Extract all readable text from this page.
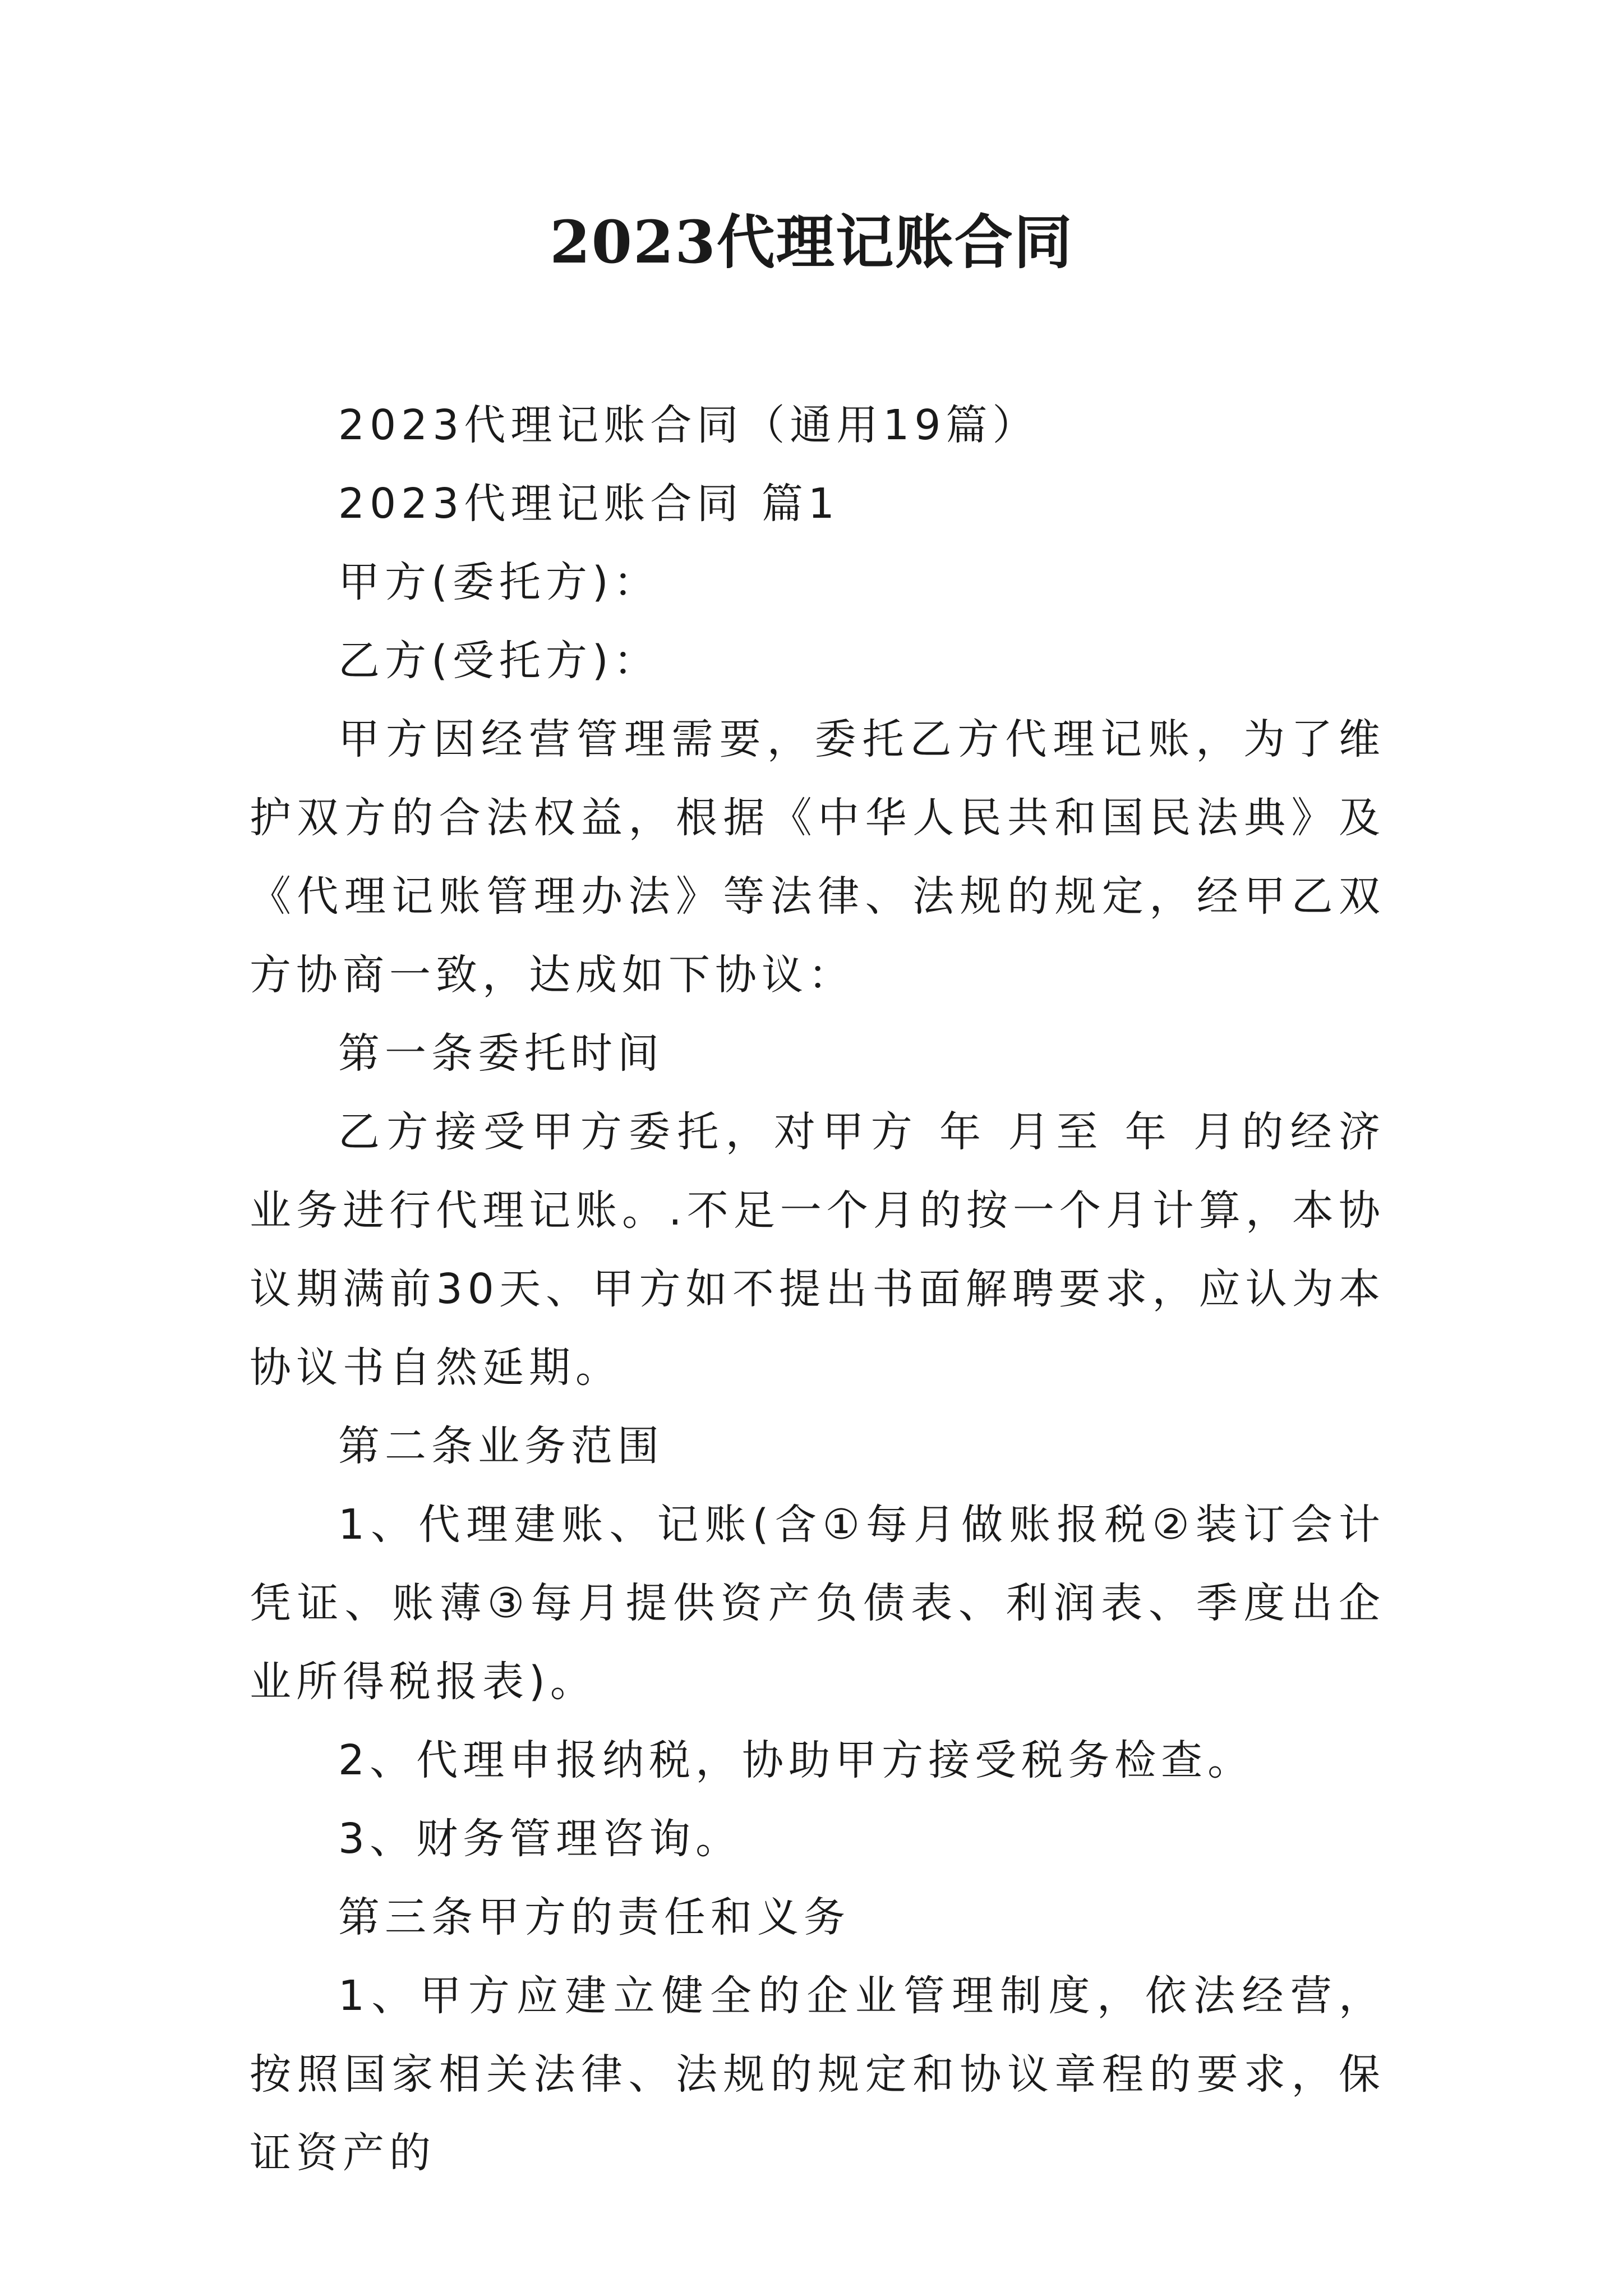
2023代理记账合同

2023代理记账合同（通用19篇）

2023代理记账合同 篇1

甲方(委托方)：

乙方(受托方)：

甲方因经营管理需要，委托乙方代理记账，为了维护双方的合法权益，根据《中华人民共和国民法典》及《代理记账管理办法》等法律、法规的规定，经甲乙双方协商一致，达成如下协议：

第一条委托时间

乙方接受甲方委托，对甲方 年 月至 年 月的经济业务进行代理记账。.不足一个月的按一个月计算，本协议期满前30天、甲方如不提出书面解聘要求，应认为本协议书自然延期。

第二条业务范围

1、代理建账、记账(含①每月做账报税②装订会计凭证、账薄③每月提供资产负债表、利润表、季度出企业所得税报表)。

2、代理申报纳税，协助甲方接受税务检查。

3、财务管理咨询。

第三条甲方的责任和义务

1、甲方应建立健全的企业管理制度，依法经营，按照国家相关法律、法规的规定和协议章程的要求，保证资产的
